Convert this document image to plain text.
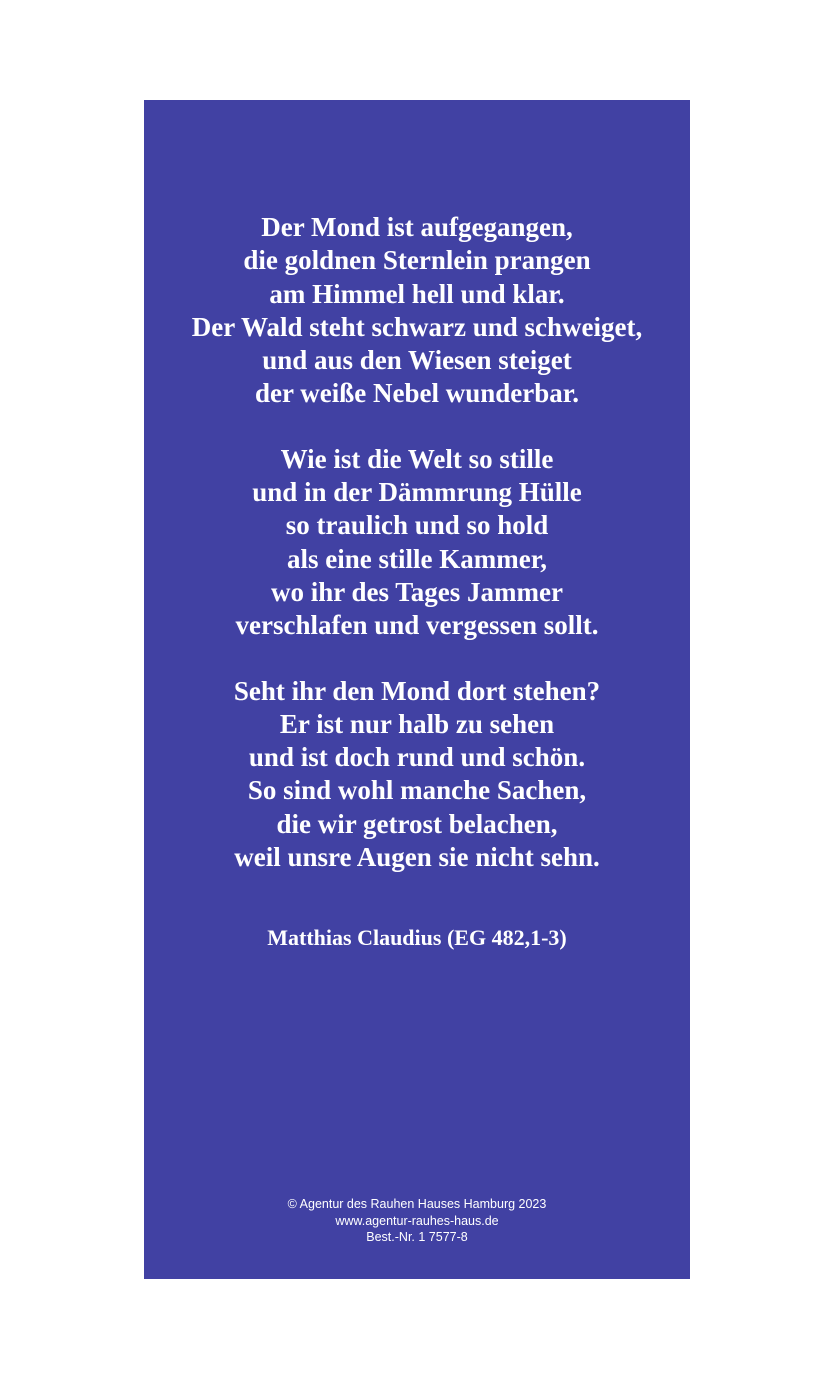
Der Mond ist aufgegangen,
die goldnen Sternlein prangen
am Himmel hell und klar.
Der Wald steht schwarz und schweiget,
und aus den Wiesen steiget
der weiße Nebel wunderbar.
Wie ist die Welt so stille
und in der Dämmrung Hülle
so traulich und so hold
als eine stille Kammer,
wo ihr des Tages Jammer
verschlafen und vergessen sollt.
Seht ihr den Mond dort stehen?
Er ist nur halb zu sehen
und ist doch rund und schön.
So sind wohl manche Sachen,
die wir getrost belachen,
weil unsre Augen sie nicht sehn.
Matthias Claudius (EG 482,1-3)
© Agentur des Rauhen Hauses Hamburg 2023
www.agentur-rauhes-haus.de
Best.-Nr. 1 7577-8
